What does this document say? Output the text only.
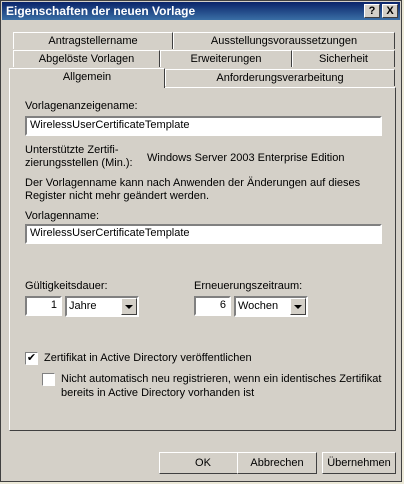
Eigenschaften der neuen Vorlage	? X
Antragstellername	Ausstellungsvoraussetzungen
Abgelöste Vorlagen	Erweiterungen	Sicherheit
Allgemein	Anforderungsverarbeitung
Vorlagenanzeigename:
WirelessUserCertificateTemplate
Unterstützte Zertifi-
zierungsstellen (Min.): Windows Server 2003 Enterprise Edition
Der Vorlagenname kann nach Anwenden der Änderungen auf dieses
Register nicht mehr geändert werden.
Vorlagenname:
WirelessUserCertificateTemplate
Gültigkeitsdauer:
1	Jahre
Erneuerungszeitraum:
6	Wochen
✔ Zertifikat in Active Directory veröffentlichen
Nicht automatisch neu registrieren, wenn ein identisches Zertifikat
bereits in Active Directory vorhanden ist
OK	Abbrechen	Übernehmen
